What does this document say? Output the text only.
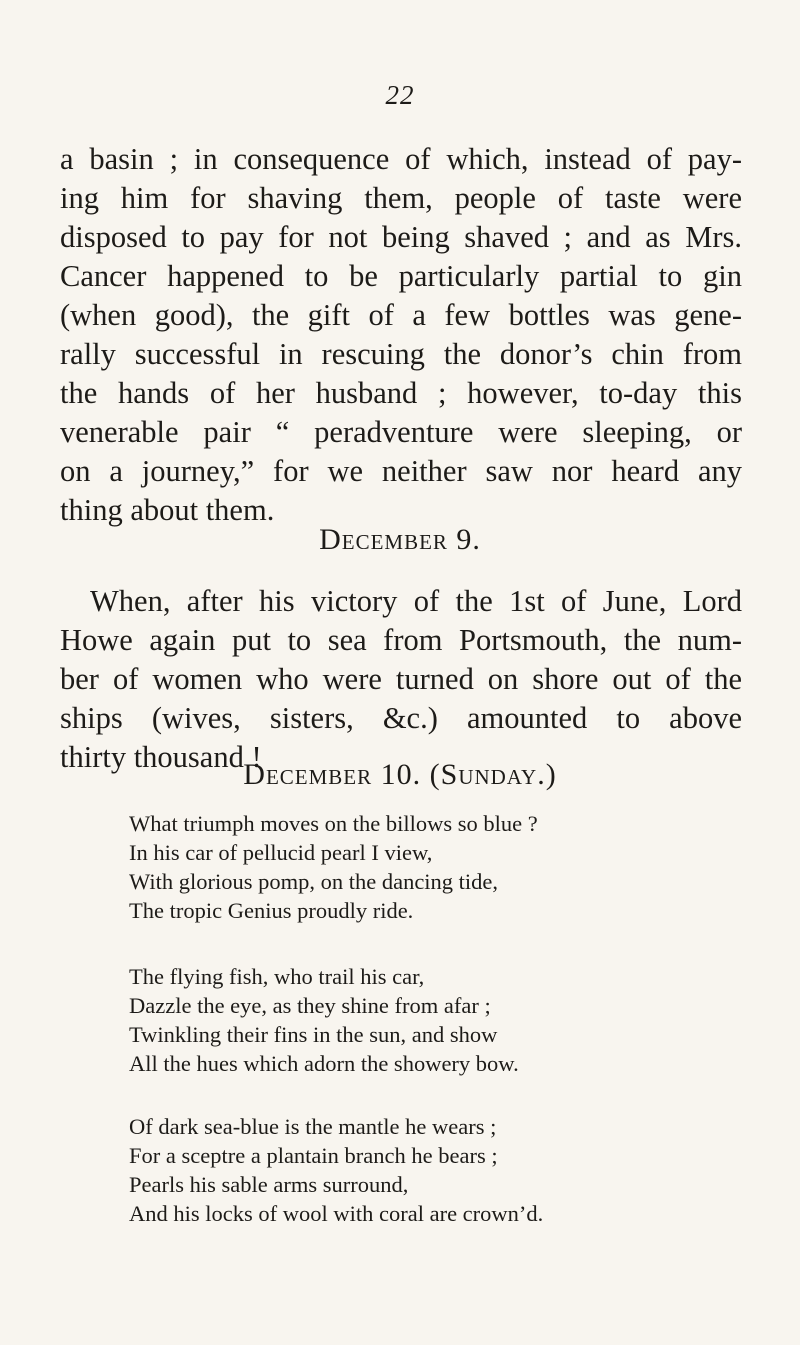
22
a basin ; in consequence of which, instead of pay-
ing him for shaving them, people of taste were
disposed to pay for not being shaved ; and as Mrs.
Cancer happened to be particularly partial to gin
(when good), the gift of a few bottles was gene-
rally successful in rescuing the donor’s chin from
the hands of her husband ; however, to-day this
venerable pair “ peradventure were sleeping, or
on a journey,” for we neither saw nor heard any
thing about them.
December 9.
When, after his victory of the 1st of June, Lord
Howe again put to sea from Portsmouth, the num-
ber of women who were turned on shore out of the
ships (wives, sisters, &c.) amounted to above
thirty thousand !
December 10. (Sunday.)
What triumph moves on the billows so blue ?
In his car of pellucid pearl I view,
With glorious pomp, on the dancing tide,
The tropic Genius proudly ride.
The flying fish, who trail his car,
Dazzle the eye, as they shine from afar ;
Twinkling their fins in the sun, and show
All the hues which adorn the showery bow.
Of dark sea-blue is the mantle he wears ;
For a sceptre a plantain branch he bears ;
Pearls his sable arms surround,
And his locks of wool with coral are crown’d.
